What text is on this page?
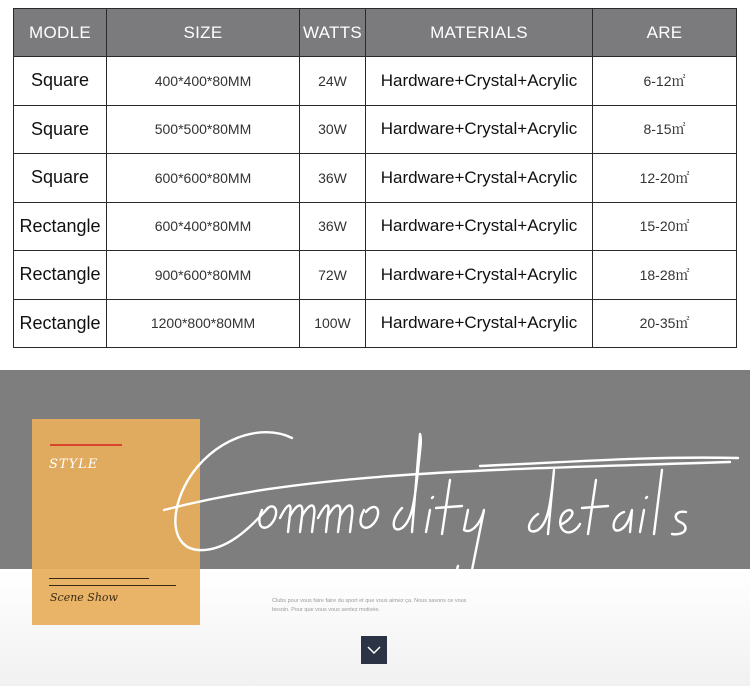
MODLE	SIZE	WATTS	MATERIALS	ARE
Square	400*400*80MM	24W	Hardware+Crystal+Acrylic	6-12㎡
Square	500*500*80MM	30W	Hardware+Crystal+Acrylic	8-15㎡
Square	600*600*80MM	36W	Hardware+Crystal+Acrylic	12-20㎡
Rectangle	600*400*80MM	36W	Hardware+Crystal+Acrylic	15-20㎡
Rectangle	900*600*80MM	72W	Hardware+Crystal+Acrylic	18-28㎡
Rectangle	1200*800*80MM	100W	Hardware+Crystal+Acrylic	20-35㎡
STYLE
Scene Show	Clubs pour vous faire faire du sport et que vous aimez ça. Nous savons ce vous besoin. Pour que vous vous sentez motivée.
